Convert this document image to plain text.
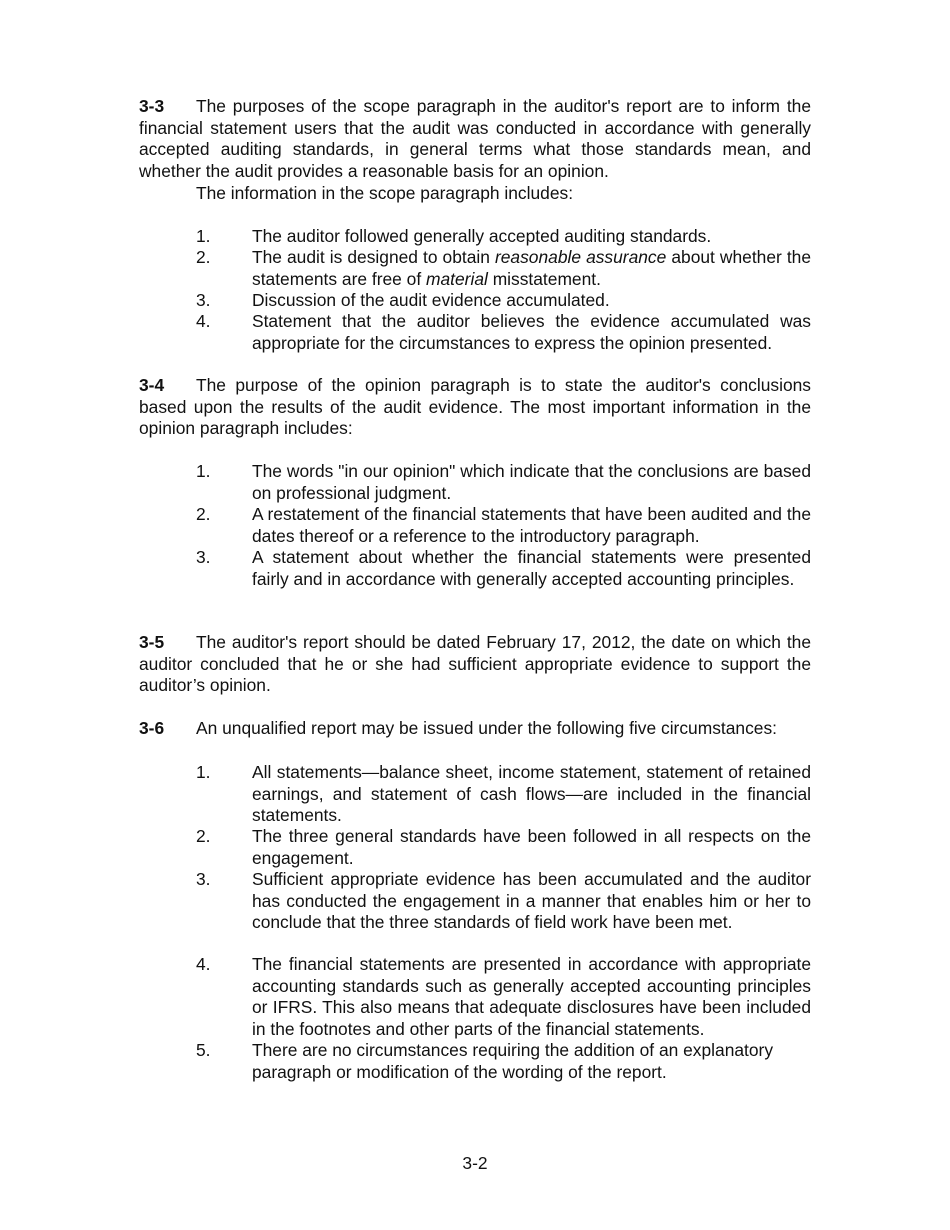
3-3 The purposes of the scope paragraph in the auditor's report are to inform the financial statement users that the audit was conducted in accordance with generally accepted auditing standards, in general terms what those standards mean, and whether the audit provides a reasonable basis for an opinion.
The information in the scope paragraph includes:
1. The auditor followed generally accepted auditing standards.
2. The audit is designed to obtain reasonable assurance about whether the statements are free of material misstatement.
3. Discussion of the audit evidence accumulated.
4. Statement that the auditor believes the evidence accumulated was appropriate for the circumstances to express the opinion presented.
3-4 The purpose of the opinion paragraph is to state the auditor's conclusions based upon the results of the audit evidence. The most important information in the opinion paragraph includes:
1. The words "in our opinion" which indicate that the conclusions are based on professional judgment.
2. A restatement of the financial statements that have been audited and the dates thereof or a reference to the introductory paragraph.
3. A statement about whether the financial statements were presented fairly and in accordance with generally accepted accounting principles.
3-5 The auditor's report should be dated February 17, 2012, the date on which the auditor concluded that he or she had sufficient appropriate evidence to support the auditor’s opinion.
3-6 An unqualified report may be issued under the following five circumstances:
1. All statements—balance sheet, income statement, statement of retained earnings, and statement of cash flows—are included in the financial statements.
2. The three general standards have been followed in all respects on the engagement.
3. Sufficient appropriate evidence has been accumulated and the auditor has conducted the engagement in a manner that enables him or her to conclude that the three standards of field work have been met.
4. The financial statements are presented in accordance with appropriate accounting standards such as generally accepted accounting principles or IFRS. This also means that adequate disclosures have been included in the footnotes and other parts of the financial statements.
5. There are no circumstances requiring the addition of an explanatory paragraph or modification of the wording of the report.
3-2
